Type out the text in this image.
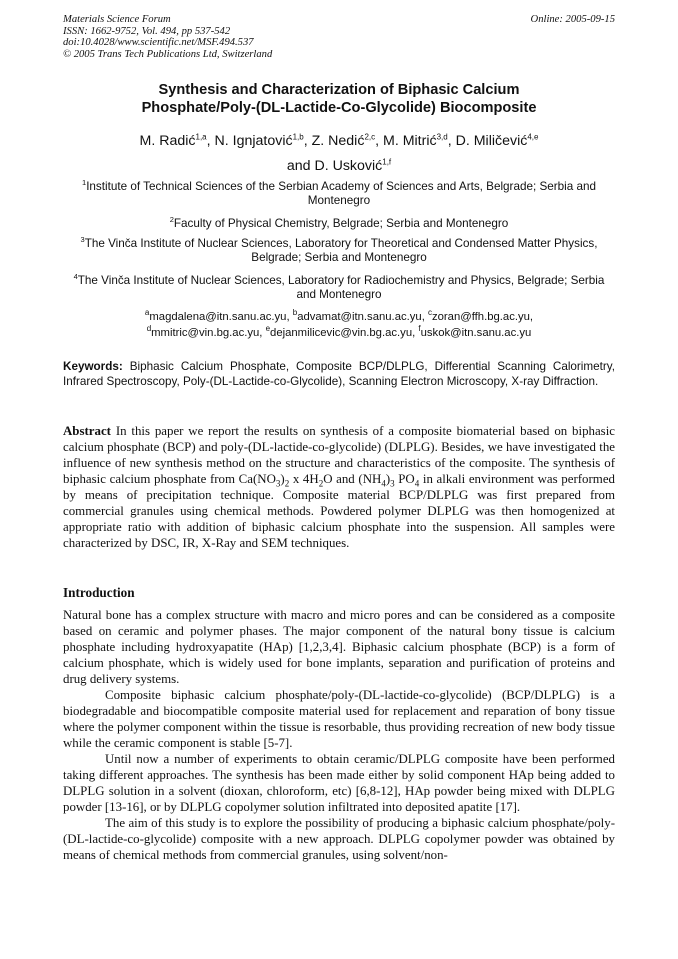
Materials Science Forum
ISSN: 1662-9752, Vol. 494, pp 537-542
doi:10.4028/www.scientific.net/MSF.494.537
© 2005 Trans Tech Publications Ltd, Switzerland
Online: 2005-09-15
Synthesis and Characterization of Biphasic Calcium
Phosphate/Poly-(DL-Lactide-Co-Glycolide) Biocomposite
M. Radić$^{1,a}$, N. Ignjatović$^{1,b}$, Z. Nedić$^{2,c}$, M. Mitrić$^{3,d}$, D. Miličević$^{4,e}$
and D. Usković$^{1,f}$
$^1$Institute of Technical Sciences of the Serbian Academy of Sciences and Arts, Belgrade; Serbia and Montenegro
$^2$Faculty of Physical Chemistry, Belgrade; Serbia and Montenegro
$^3$The Vinča Institute of Nuclear Sciences, Laboratory for Theoretical and Condensed Matter Physics, Belgrade; Serbia and Montenegro
$^4$The Vinča Institute of Nuclear Sciences, Laboratory for Radiochemistry and Physics, Belgrade; Serbia and Montenegro
$^a$magdalena@itn.sanu.ac.yu, $^b$advamat@itn.sanu.ac.yu, $^c$zoran@ffh.bg.ac.yu,
$^d$mmitric@vin.bg.ac.yu, $^e$dejanmilicevic@vin.bg.ac.yu, $^f$uskok@itn.sanu.ac.yu
Keywords: Biphasic Calcium Phosphate, Composite BCP/DLPLG, Differential Scanning Calorimetry, Infrared Spectroscopy, Poly-(DL-Lactide-co-Glycolide), Scanning Electron Microscopy, X-ray Diffraction.

Abstract In this paper we report the results on synthesis of a composite biomaterial based on biphasic calcium phosphate (BCP) and poly-(DL-lactide-co-glycolide) (DLPLG). Besides, we have investigated the influence of new synthesis method on the structure and characteristics of the composite. The synthesis of biphasic calcium phosphate from $Ca(NO_3)_2$ x $4H_2O$ and $(NH_4)_3$ $PO_4$ in alkali environment was performed by means of precipitation technique. Composite material BCP/DLPLG was first prepared from commercial granules using chemical methods. Powdered polymer DLPLG was then homogenized at appropriate ratio with addition of biphasic calcium phosphate into the suspension. All samples were characterized by DSC, IR, X-Ray and SEM techniques.

Introduction

Natural bone has a complex structure with macro and micro pores and can be considered as a composite based on ceramic and polymer phases. The major component of the natural bony tissue is calcium phosphate including hydroxyapatite (HAp) [1,2,3,4]. Biphasic calcium phosphate (BCP) is a form of calcium phosphate, which is widely used for bone implants, separation and purification of proteins and drug delivery systems.

Composite biphasic calcium phosphate/poly-(DL-lactide-co-glycolide) (BCP/DLPLG) is a biodegradable and biocompatible composite material used for replacement and reparation of bony tissue where the polymer component within the tissue is resorbable, thus providing recreation of new body tissue while the ceramic component is stable [5-7].

Until now a number of experiments to obtain ceramic/DLPLG composite have been performed taking different approaches. The synthesis has been made either by solid component HAp being added to DLPLG solution in a solvent (dioxan, chloroform, etc) [6,8-12], HAp powder being mixed with DLPLG powder [13-16], or by DLPLG copolymer solution infiltrated into deposited apatite [17].

The aim of this study is to explore the possibility of producing a biphasic calcium phosphate/poly-(DL-lactide-co-glycolide) composite with a new approach. DLPLG copolymer powder was obtained by means of chemical methods from commercial granules, using solvent/non-
